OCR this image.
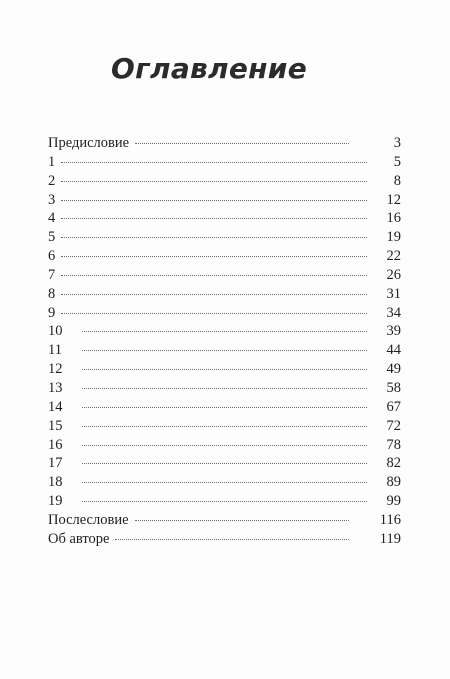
Оглавление
Предисловие	3
1	5
2	8
3	12
4	16
5	19
6	22
7	26
8	31
9	34
10	39
11	44
12	49
13	58
14	67
15	72
16	78
17	82
18	89
19	99
Послесловие	116
Об авторе	119
